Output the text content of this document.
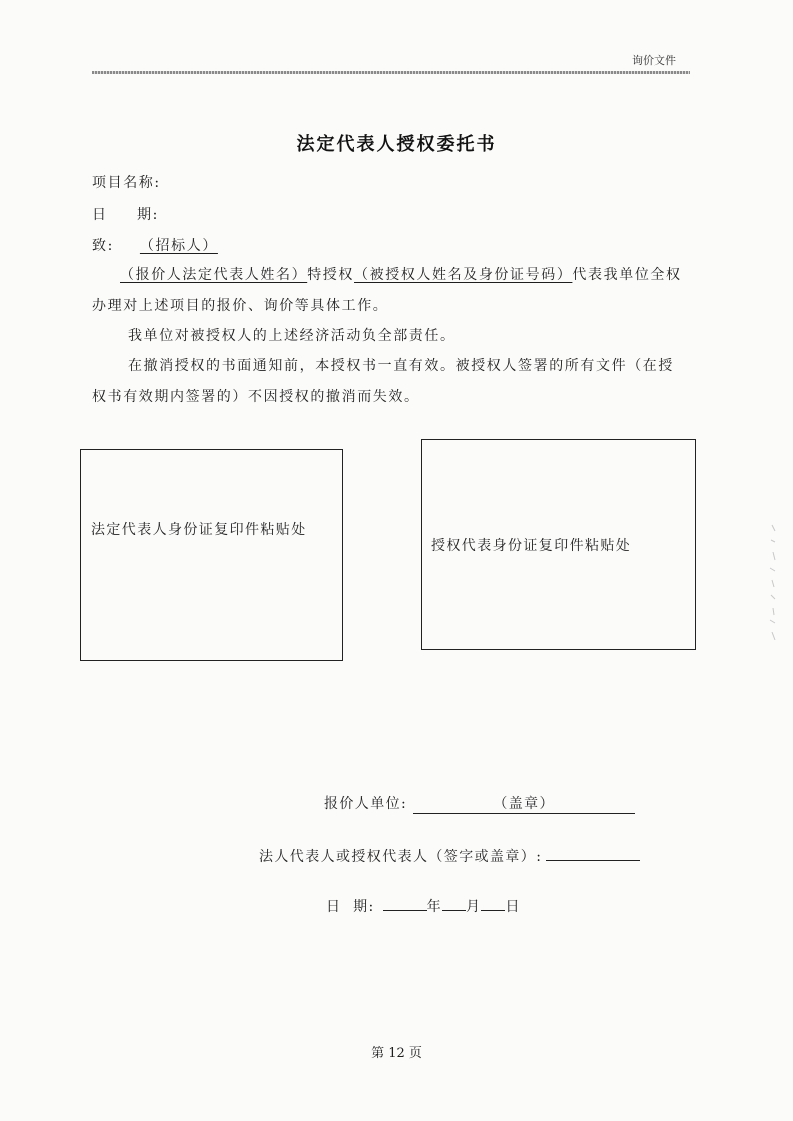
询价文件
法定代表人授权委托书
项目名称:
日 期:
致: （招标人）
（报价人法定代表人姓名）特授权（被授权人姓名及身份证号码）代表我单位全权
办理对上述项目的报价、询价等具体工作。
我单位对被授权人的上述经济活动负全部责任。
在撤消授权的书面通知前，本授权书一直有效。被授权人签署的所有文件（在授
权书有效期内签署的）不因授权的撤消而失效。
法定代表人身份证复印件粘贴处
授权代表身份证复印件粘贴处
报价人单位:	（盖章）
法人代表人或授权代表人（签字或盖章）:
日  期:	年 月 日
第 12 页
